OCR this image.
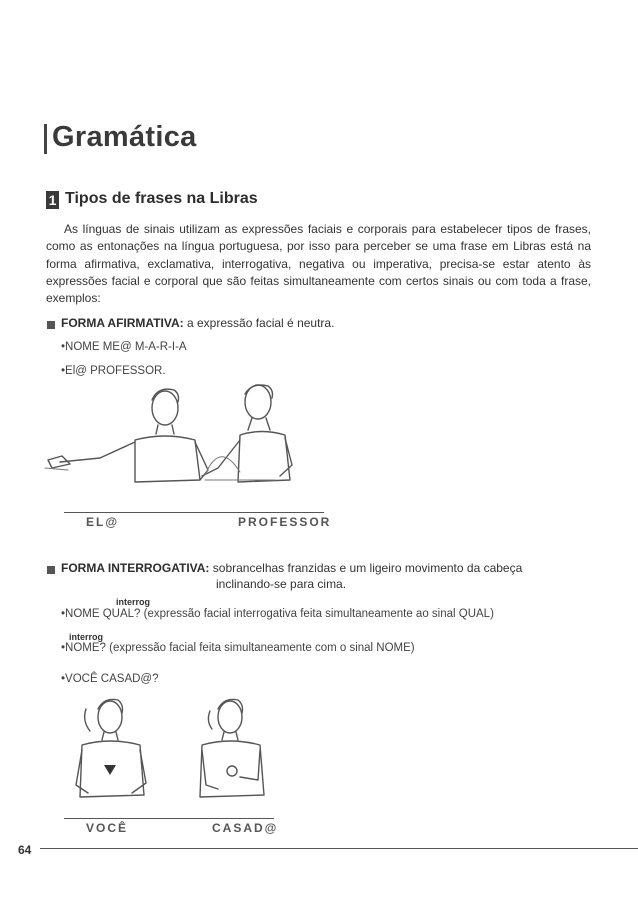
Gramática
1 Tipos de frases na Libras
As línguas de sinais utilizam as expressões faciais e corporais para estabelecer tipos de frases, como as entonações na língua portuguesa, por isso para perceber se uma frase em Libras está na forma afirmativa, exclamativa, interrogativa, negativa ou imperativa, precisa-se estar atento às expressões facial e corporal que são feitas simultaneamente com certos sinais ou com toda a frase, exemplos:
FORMA AFIRMATIVA: a expressão facial é neutra.
•NOME ME@ M-A-R-I-A
•El@ PROFESSOR.
EL@	PROFESSOR
FORMA INTERROGATIVA: sobrancelhas franzidas e um ligeiro movimento da cabeça
inclinando-se para cima.
interrog
•NOME QUAL? (expressão facial interrogativa feita simultaneamente ao sinal QUAL)
interrog
•NOME? (expressão facial feita simultaneamente com o sinal NOME)
•VOCÊ CASAD@?
VOCÊ	CASAD@
64
